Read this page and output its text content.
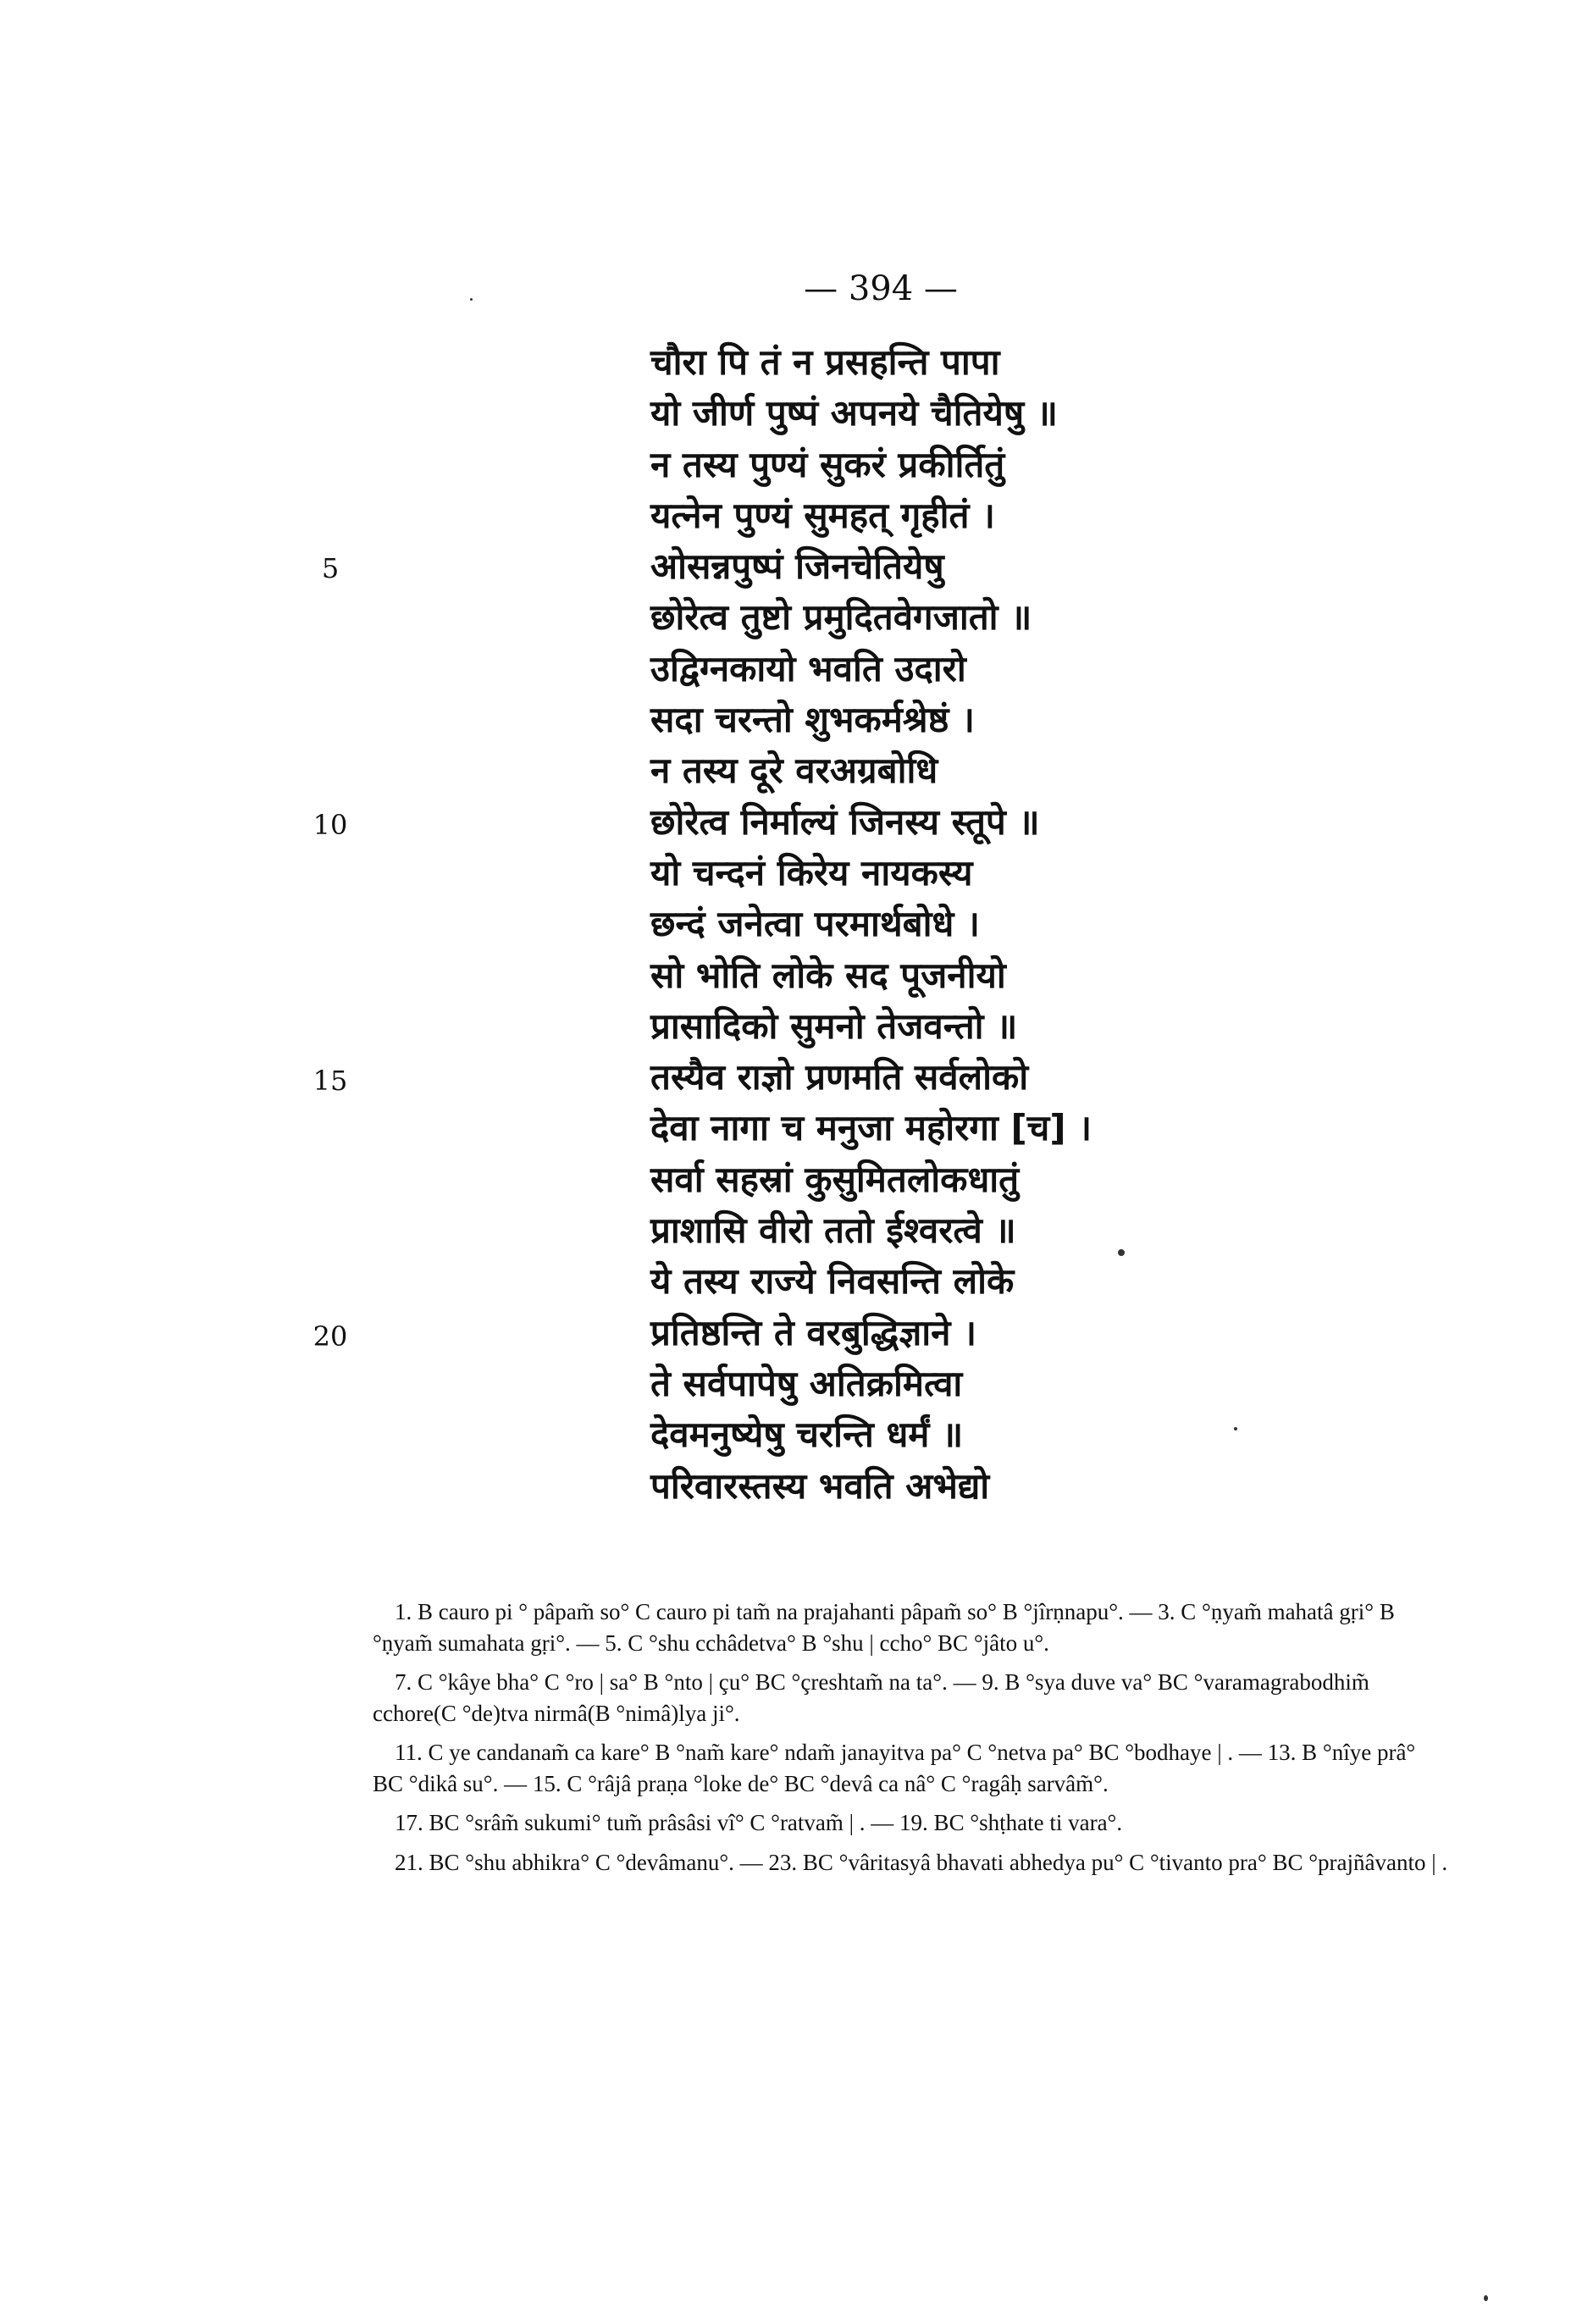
— 394 —
चौरा पि तं न प्रसहन्ति पापा
यो जीर्ण पुष्पं अपनये चैतियेषु ॥
न तस्य पुण्यं सुकरं प्रकीर्तितुं
यत्नेन पुण्यं सुमहत् गृहीतं ।
ओसन्नपुष्पं जिनचेतियेषु
छोरेत्व तुष्टो प्रमुदितवेगजातो ॥
उद्विग्नकायो भवति उदारो
सदा चरन्तो शुभकर्मश्रेष्ठं ।
न तस्य दूरे वरअग्रबोधि
छोरेत्व निर्माल्यं जिनस्य स्तूपे ॥
यो चन्दनं किरेय नायकस्य
छन्दं जनेत्वा परमार्थबोधे ।
सो भोति लोके सद पूजनीयो
प्रासादिको सुमनो तेजवन्तो ॥
तस्यैव राज्ञो प्रणमति सर्वलोको
देवा नागा च मनुजा महोरगा [च] ।
सर्वा सहस्रां कुसुमितलोकधातुं
प्राशासि वीरो ततो ईश्वरत्वे ॥
ये तस्य राज्ये निवसन्ति लोके
प्रतिष्ठन्ति ते वरबुद्धिज्ञाने ।
ते सर्वपापेषु अतिक्रमित्वा
देवमनुष्येषु चरन्ति धर्मं ॥
परिवारस्तस्य भवति अभेद्यो
5
10
15
20

1. B cauro pi ° pâpam̃ so° C cauro pi tam̃ na prajahanti pâpam̃ so° B °jîrṇnapu°. — 3. C °ṇyam̃ mahatâ gṛi° B °ṇyam̃ sumahata gṛi°. — 5. C °shu cchâdetva° B °shu | ccho° BC °jâto u°.

7. C °kâye bha° C °ro | sa° B °nto | çu° BC °çreshtam̃ na ta°. — 9. B °sya duve va° BC °varamagrabodhim̃ cchore(C °de)tva nirmâ(B °nimâ)lya ji°.

11. C ye candanam̃ ca kare° B °nam̃ kare° ndam̃ janayitva pa° C °netva pa° BC °bodhaye | . — 13. B °nîye prâ° BC °dikâ su°. — 15. C °râjâ praṇa °loke de° BC °devâ ca nâ° C °ragâḥ sarvâm̃°.

17. BC °srâm̃ sukumi° tum̃ prâsâsi vî° C °ratvam̃ | . — 19. BC °shṭhate ti vara°.

21. BC °shu abhikra° C °devâmanu°. — 23. BC °vâritasyâ bhavati abhedya pu° C °tivanto pra° BC °prajñâvanto | .
